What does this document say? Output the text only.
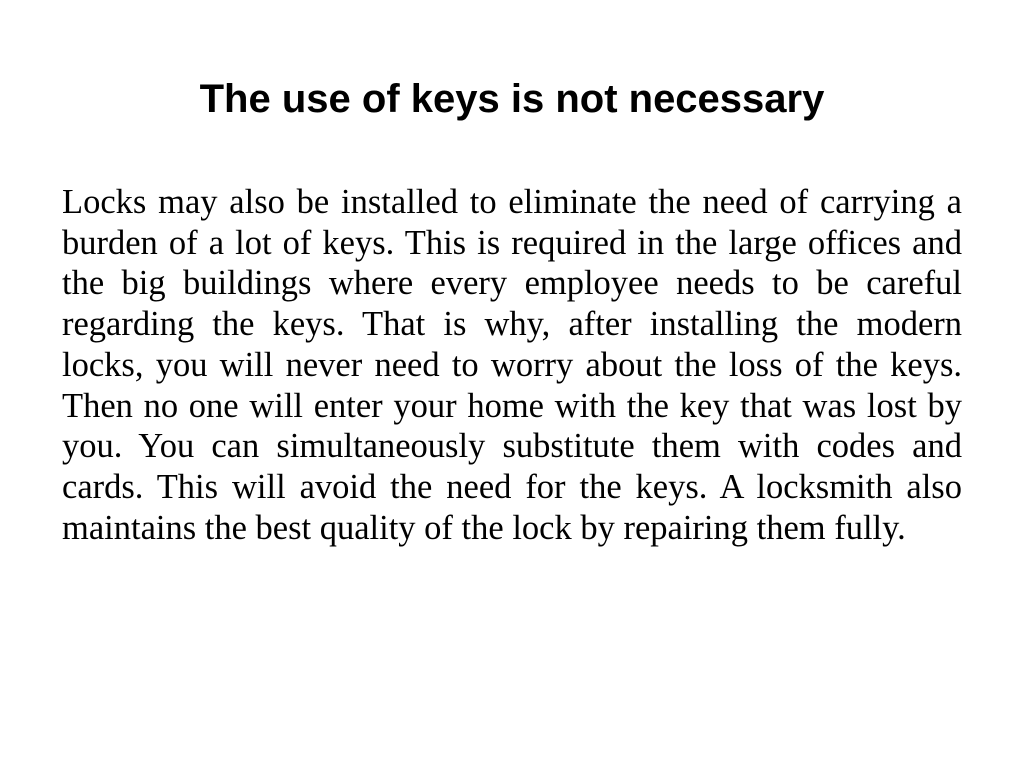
The use of keys is not necessary

Locks may also be installed to eliminate the need of carrying a burden of a lot of keys. This is required in the large offices and the big buildings where every employee needs to be careful regarding the keys. That is why, after installing the modern locks, you will never need to worry about the loss of the keys. Then no one will enter your home with the key that was lost by you. You can simultaneously substitute them with codes and cards. This will avoid the need for the keys. A locksmith also maintains the best quality of the lock by repairing them fully.
